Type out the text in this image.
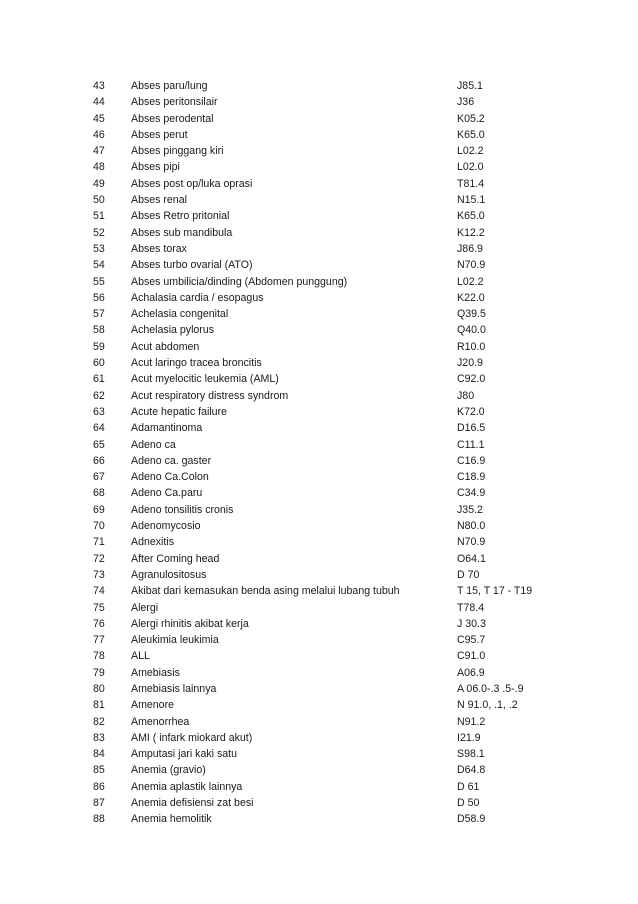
43 Abses paru/lung	J85.1
44 Abses peritonsilair	J36
45 Abses perodental	K05.2
46 Abses perut	K65.0
47 Abses pinggang kiri	L02.2
48 Abses pipi	L02.0
49 Abses post op/luka oprasi	T81.4
50 Abses renal	N15.1
51 Abses Retro pritonial	K65.0
52 Abses sub mandibula	K12.2
53 Abses torax	J86.9
54 Abses turbo ovarial (ATO)	N70.9
55 Abses umbilicia/dinding (Abdomen punggung)	L02.2
56 Achalasia cardia / esopagus	K22.0
57 Achelasia congenital	Q39.5
58 Achelasia pylorus	Q40.0
59 Acut abdomen	R10.0
60 Acut laringo tracea broncitis	J20.9
61 Acut myelocitic leukemia (AML)	C92.0
62 Acut respiratory distress syndrom	J80
63 Acute hepatic failure	K72.0
64 Adamantinoma	D16.5
65 Adeno ca	C11.1
66 Adeno ca. gaster	C16.9
67 Adeno Ca.Colon	C18.9
68 Adeno Ca.paru	C34.9
69 Adeno tonsilitis cronis	J35.2
70 Adenomycosio	N80.0
71 Adnexitis	N70.9
72 After Coming head	O64.1
73 Agranulositosus	D 70
74 Akibat dari kemasukan benda asing melalui lubang tubuh	T 15, T 17 - T19
75 Alergi	T78.4
76 Alergi rhinitis akibat kerja	J 30.3
77 Aleukimia leukimia	C95.7
78 ALL	C91.0
79 Amebiasis	A06.9
80 Amebiasis lainnya	A 06.0-.3 .5-.9
81 Amenore	N 91.0, .1, .2
82 Amenorrhea	N91.2
83 AMI ( infark miokard akut)	I21.9
84 Amputasi jari kaki satu	S98.1
85 Anemia (gravio)	D64.8
86 Anemia aplastik lainnya	D 61
87 Anemia defisiensi zat besi	D 50
88 Anemia hemolitik	D58.9
